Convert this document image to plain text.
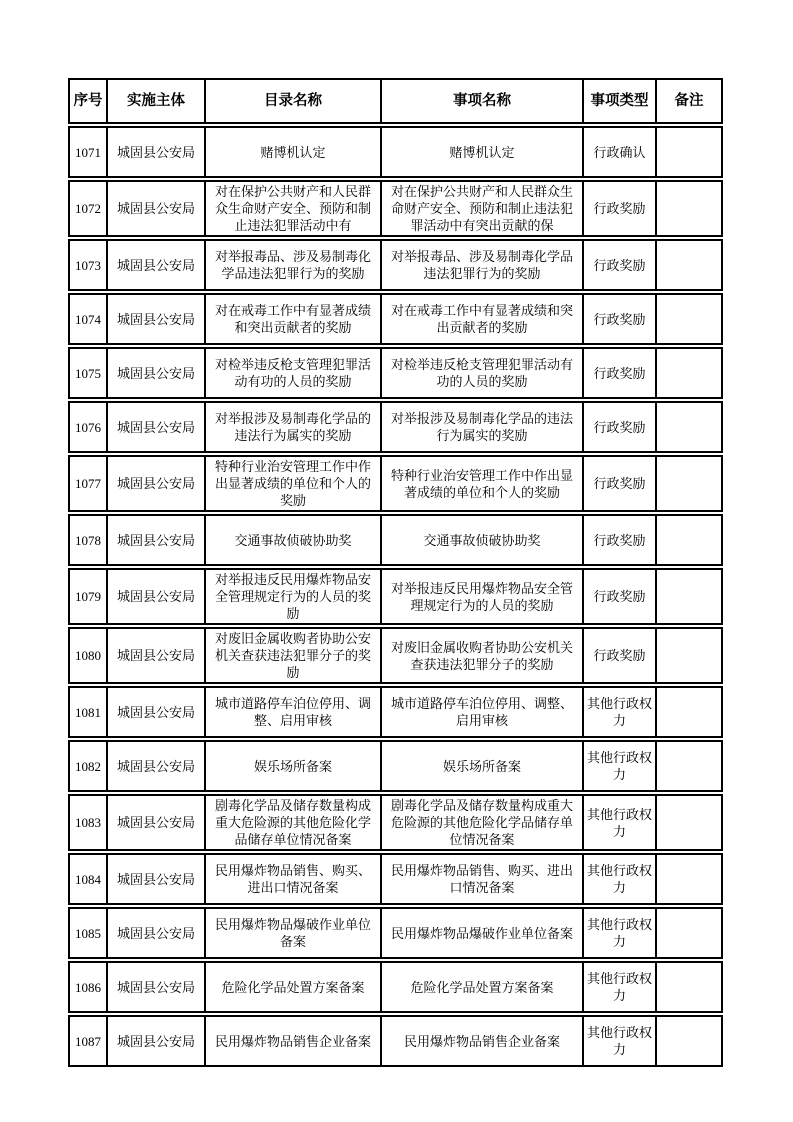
序号	实施主体	目录名称	事项名称	事项类型	备注
1071	城固县公安局	赌博机认定	赌博机认定	行政确认	
1072	城固县公安局	对在保护公共财产和人民群众生命财产安全、预防和制止违法犯罪活动中有	对在保护公共财产和人民群众生命财产安全、预防和制止违法犯罪活动中有突出贡献的保	行政奖励	
1073	城固县公安局	对举报毒品、涉及易制毒化学品违法犯罪行为的奖励	对举报毒品、涉及易制毒化学品违法犯罪行为的奖励	行政奖励	
1074	城固县公安局	对在戒毒工作中有显著成绩和突出贡献者的奖励	对在戒毒工作中有显著成绩和突出贡献者的奖励	行政奖励	
1075	城固县公安局	对检举违反枪支管理犯罪活动有功的人员的奖励	对检举违反枪支管理犯罪活动有功的人员的奖励	行政奖励	
1076	城固县公安局	对举报涉及易制毒化学品的违法行为属实的奖励	对举报涉及易制毒化学品的违法行为属实的奖励	行政奖励	
1077	城固县公安局	特种行业治安管理工作中作出显著成绩的单位和个人的奖励	特种行业治安管理工作中作出显著成绩的单位和个人的奖励	行政奖励	
1078	城固县公安局	交通事故侦破协助奖	交通事故侦破协助奖	行政奖励	
1079	城固县公安局	对举报违反民用爆炸物品安全管理规定行为的人员的奖励	对举报违反民用爆炸物品安全管理规定行为的人员的奖励	行政奖励	
1080	城固县公安局	对废旧金属收购者协助公安机关查获违法犯罪分子的奖励	对废旧金属收购者协助公安机关查获违法犯罪分子的奖励	行政奖励	
1081	城固县公安局	城市道路停车泊位停用、调整、启用审核	城市道路停车泊位停用、调整、启用审核	其他行政权力	
1082	城固县公安局	娱乐场所备案	娱乐场所备案	其他行政权力	
1083	城固县公安局	剧毒化学品及储存数量构成重大危险源的其他危险化学品储存单位情况备案	剧毒化学品及储存数量构成重大危险源的其他危险化学品储存单位情况备案	其他行政权力	
1084	城固县公安局	民用爆炸物品销售、购买、进出口情况备案	民用爆炸物品销售、购买、进出口情况备案	其他行政权力	
1085	城固县公安局	民用爆炸物品爆破作业单位备案	民用爆炸物品爆破作业单位备案	其他行政权力	
1086	城固县公安局	危险化学品处置方案备案	危险化学品处置方案备案	其他行政权力	
1087	城固县公安局	民用爆炸物品销售企业备案	民用爆炸物品销售企业备案	其他行政权力	
